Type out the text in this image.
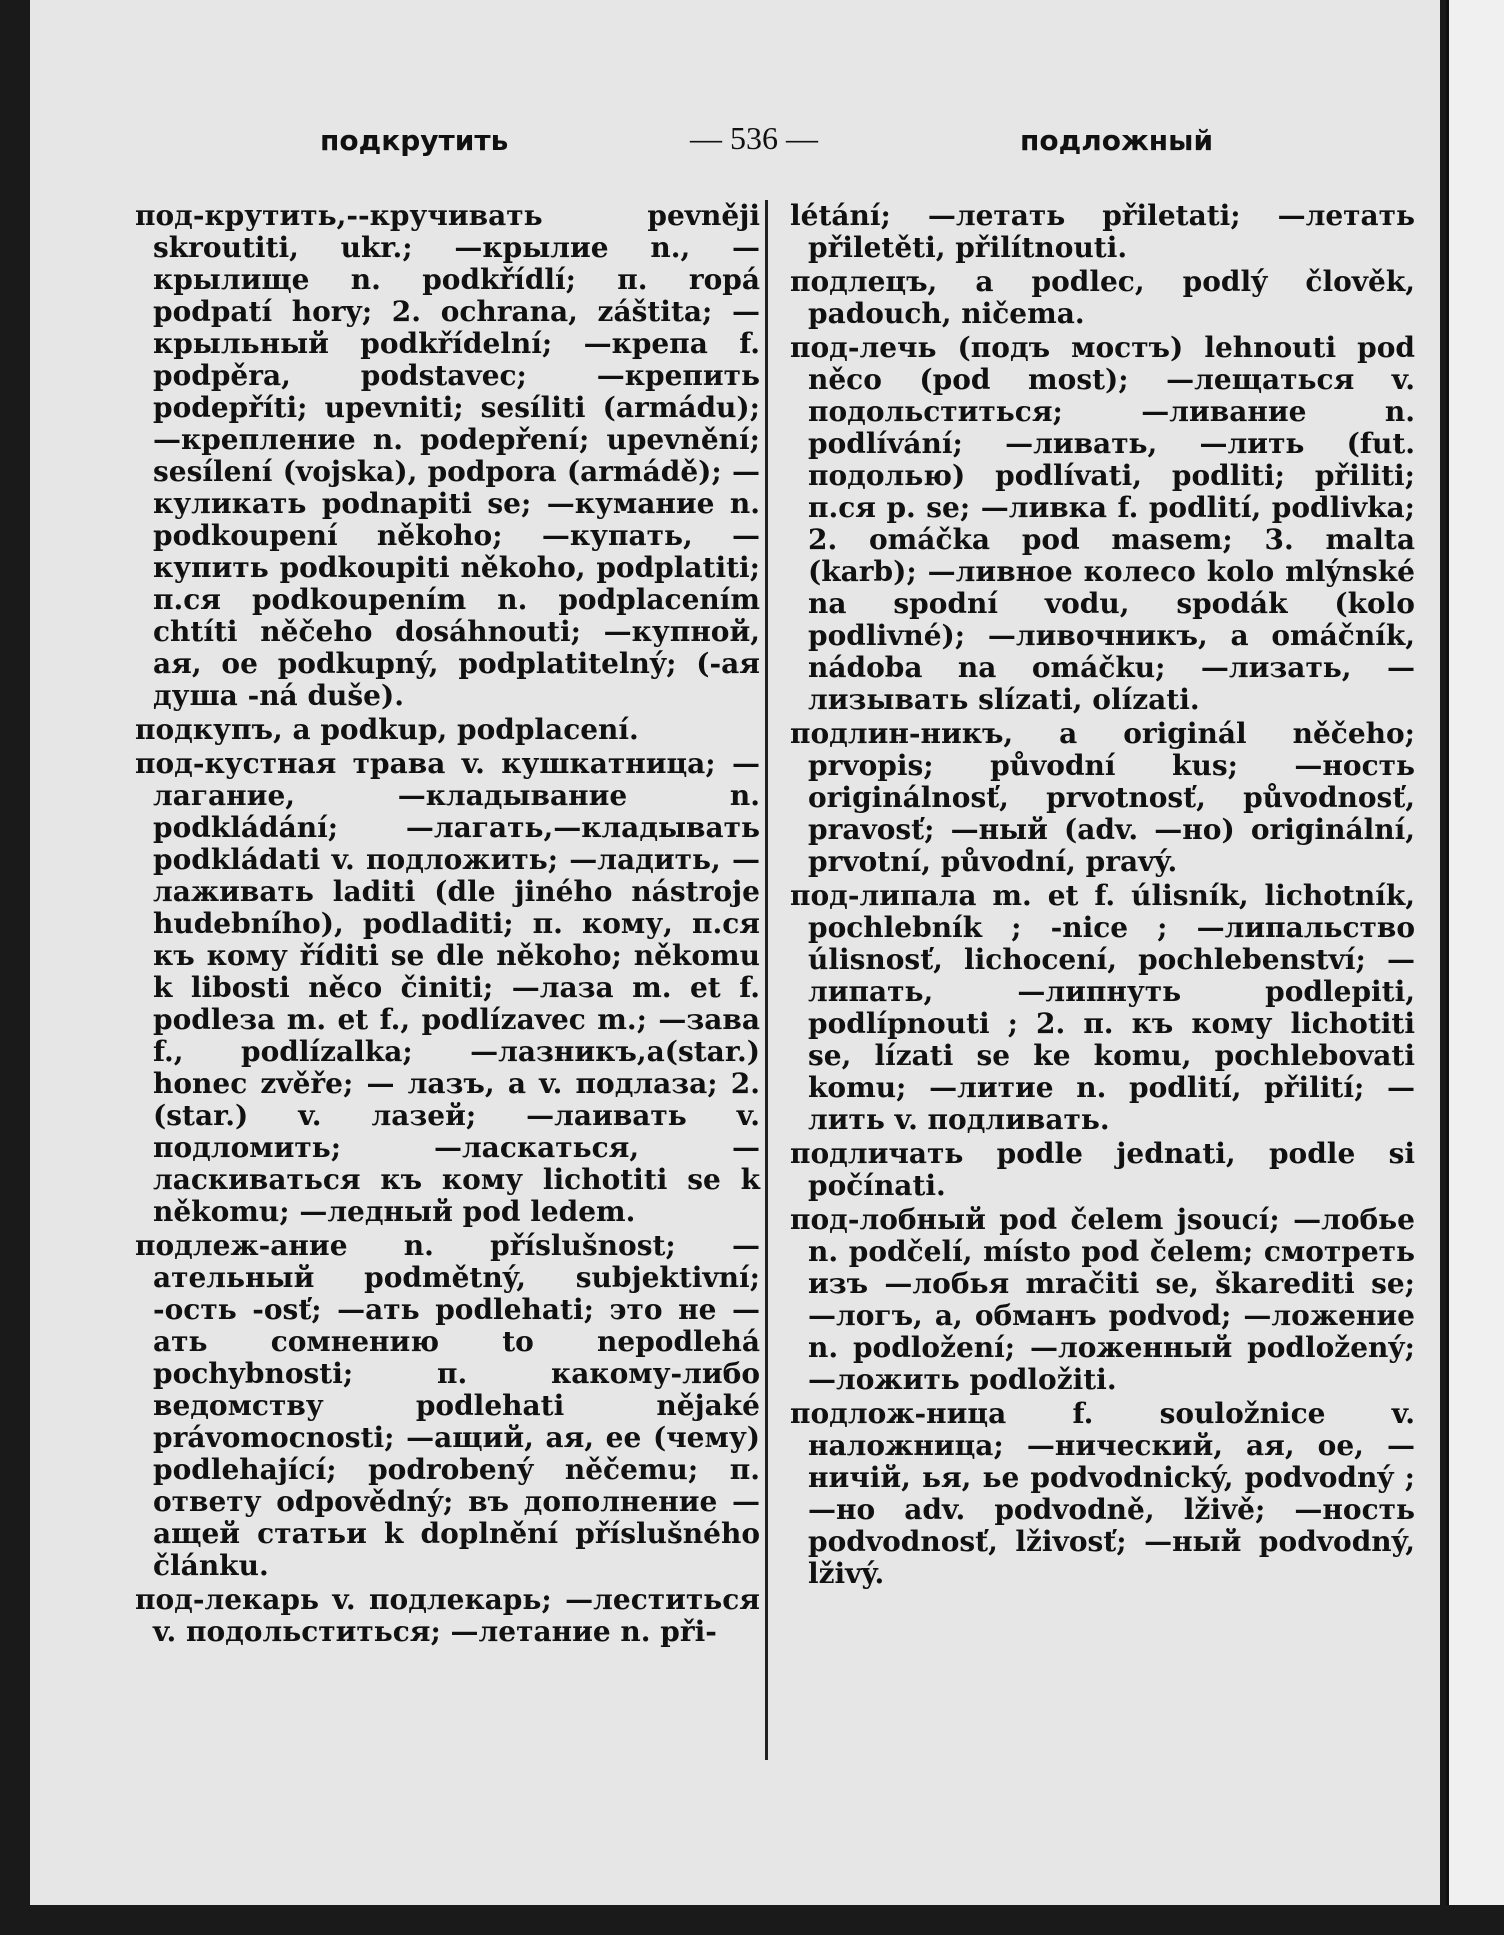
подкрутить	— 536 —	подложный

под-крутить,--кручивать pevněji skroutiti, ukr.; —крылие n., —крылище n. podkřídlí; п. ropá podpatí hory; 2. ochrana, záštita; —крыльный podkřídelní; —крепа f. podpěra, podstavec; —крепить podepříti; upevniti; sesíliti (armádu); —крепление n. podepření; upevnění; sesílení (vojska), podpora (armádě); — куликать podnapiti se; —кумание n. podkoupení někoho; —купать, —купить podkoupiti někoho, podplatiti; п.ся podkoupením n. podplacením chtíti něčeho dosáhnouti; —купной, ая, ое podkupný, podplatitelný; (-ая душа -ná duše).

подкупъ, а podkup, podplacení.

под-кустная трава v. кушкатница; —лагание, —кладывание n. podkládání; —лагать,—кладывать podkládati v. подложить; —ладить, —лаживать laditi (dle jiného nástroje hudebního), podladiti; п. кому, п.ся къ кому říditi se dle někoho; někomu k libosti něco činiti; —лаза m. et f. podleза m. et f., podlízavec m.; —зава f., podlízalka; —лазникъ,a(star.) honec zvěře; — лазъ, а v. подлаза; 2. (star.) v. лазей; —лаивать v. подломить; —ласкаться, —ласкиваться къ кому lichotiti se k někomu; —ледный pod ledem.

подлеж-ание n. příslušnost; —ательный podmětný, subjektivní; -ость -osť; —ать podlehati; это не —ать сомнению to nepodlehá pochybnosti; п. какому-либо ведомству podlehati nějaké právomocnosti; —ащий, ая, ее (чему) podlehající; podrobený něčemu; п. ответу odpovědný; въ дополнение —ащей статьи k doplnění příslušného článku.

под-лекарь v. подлекарь; —леститься v. подольститься; —летание n. při-

létání; —летать přiletati; —летать přiletěti, přilítnouti.

подлецъ, а podlec, podlý člověk, padouch, ničema.

под-лечь (подъ мостъ) lehnouti pod něco (pod most); —лещаться v. подольститься; —ливание n. podlívání; —ливать, —лить (fut. подолью) podlívati, podliti; přiliti; п.ся p. se; —ливка f. podlití, podlivka; 2. omáčka pod masem; 3. malta (karb); —ливное колесо kolo mlýnské na spodní vodu, spodák (kolo podlivné); —ливочникъ, а omáčník, nádoba na omáčku; —лизать, —лизывать slízati, olízati.

подлин-никъ, а originál něčeho; prvopis; původní kus; —ность originálnosť, prvotnosť, původnosť, pravosť; —ный (adv. —но) originální, prvotní, původní, pravý.

под-липала m. et f. úlisník, lichotník, pochlebník ; -nice ; —липальство úlisnosť, lichocení, pochlebenství; —липать, —липнуть podlepiti, podlípnouti ; 2. п. къ кому lichotiti se, lízati se ke komu, pochlebovati komu; —литие n. podlití, přilití; —лить v. подливать.

подличать podle jednati, podle si počínati.

под-лобный pod čelem jsoucí; —лобье n. podčelí, místo pod čelem; смотреть изъ —лобья mračiti se, škarediti se; —логъ, а, обманъ podvod; —ложение n. podložení; —ложенный podložený; —ложить podložiti.

подлож-ница f. souložnice v. наложница; —нический, ая, ое, —ничій, ья, ье podvodnický, podvodný ; —но adv. podvodně, lživě; —ность podvodnosť, lživosť; —ный podvodný, lživý.
